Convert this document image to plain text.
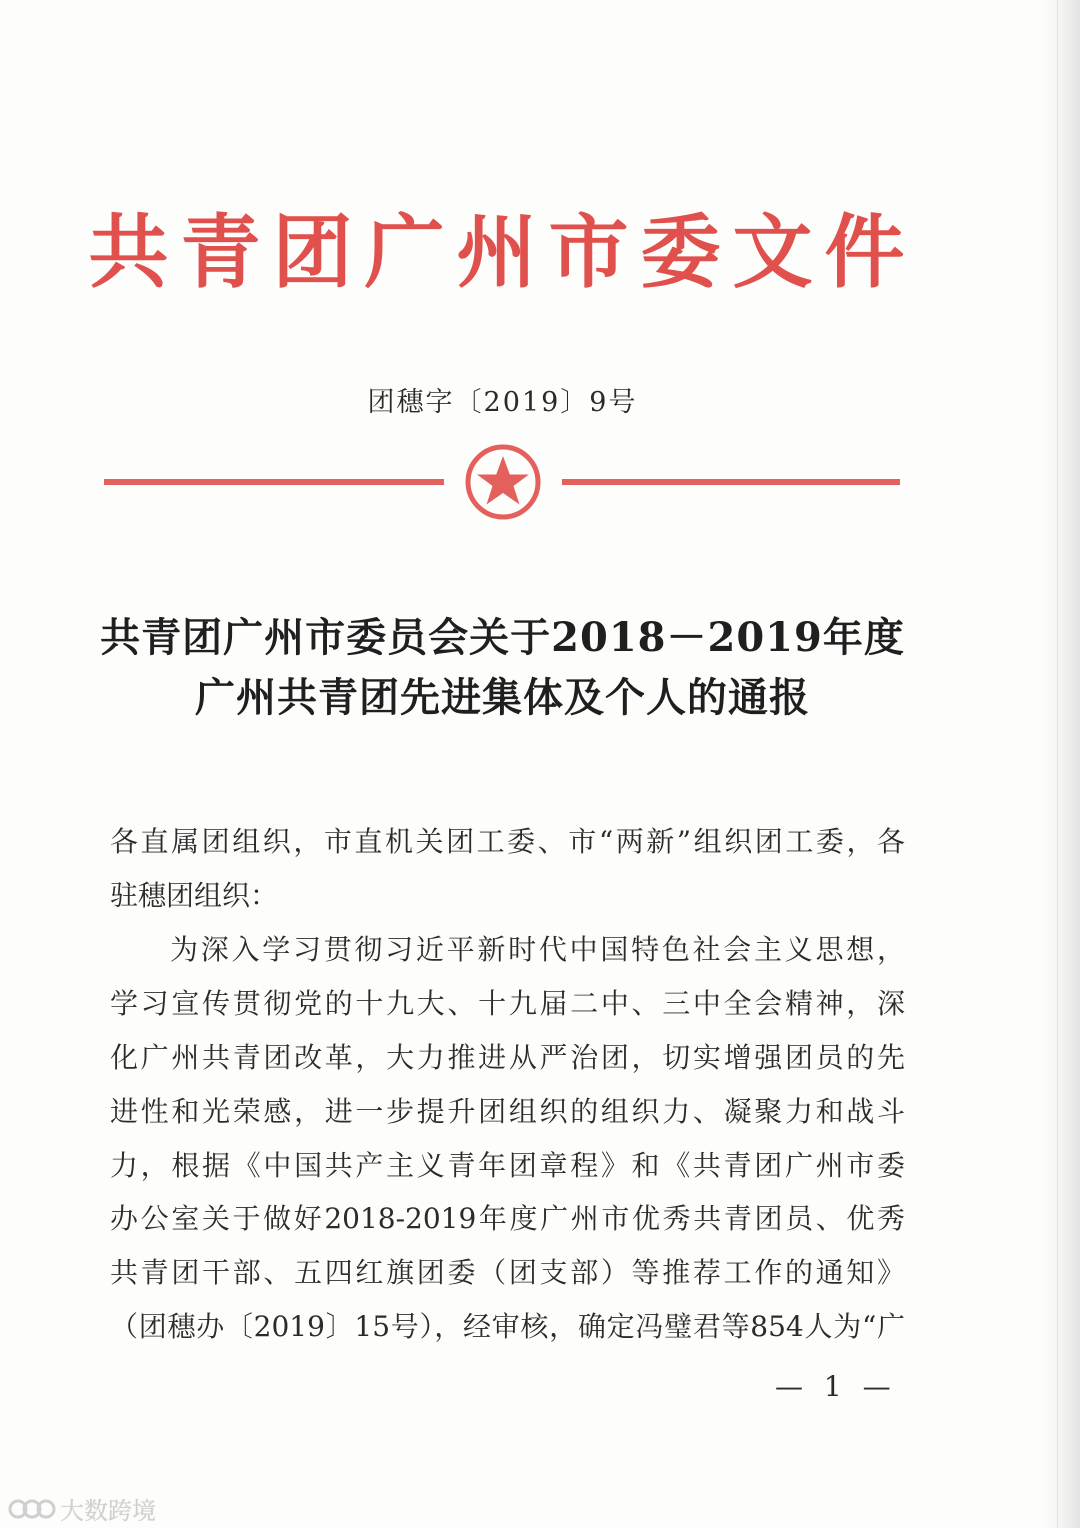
共青团广州市委文件
团穗字〔2019〕9号
共青团广州市委员会关于2018－2019年度
广州共青团先进集体及个人的通报
各直属团组织，市直机关团工委、市“两新”组织团工委，各
驻穗团组织：
为深入学习贯彻习近平新时代中国特色社会主义思想，
学习宣传贯彻党的十九大、十九届二中、三中全会精神，深
化广州共青团改革，大力推进从严治团，切实增强团员的先
进性和光荣感，进一步提升团组织的组织力、凝聚力和战斗
力，根据《中国共产主义青年团章程》和《共青团广州市委
办公室关于做好2018-2019年度广州市优秀共青团员、优秀
共青团干部、五四红旗团委（团支部）等推荐工作的通知》
（团穗办〔2019〕15号），经审核，确定冯璧君等854人为“广
— 1 —
大数跨境
